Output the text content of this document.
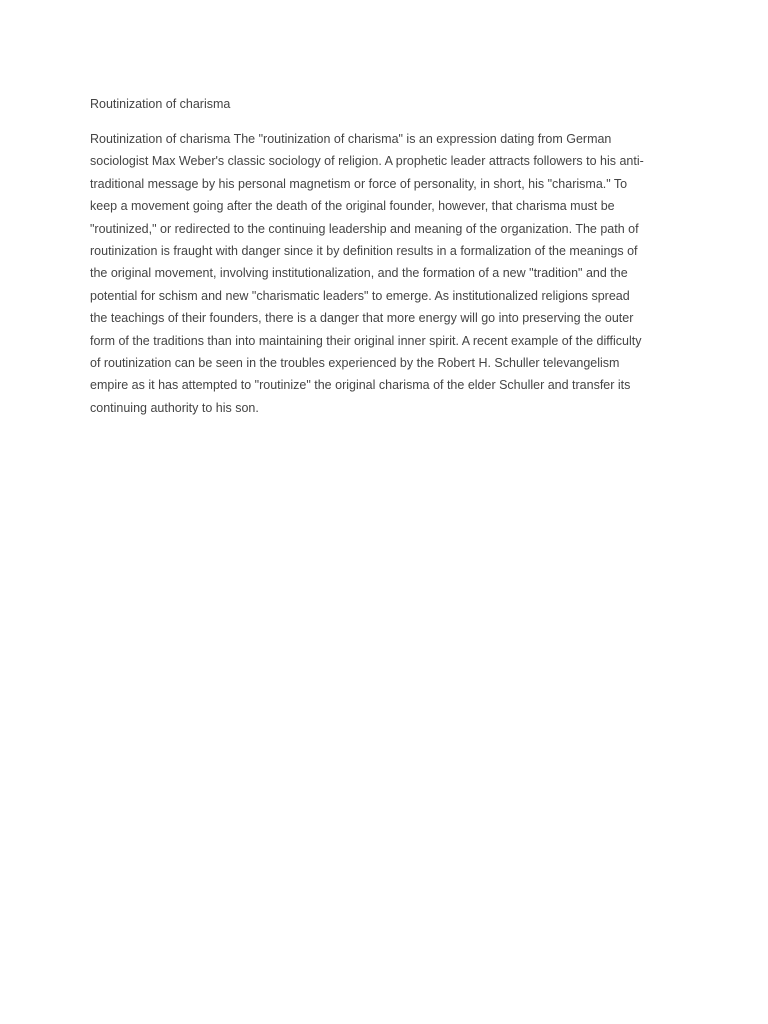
Routinization of charisma

Routinization of charisma The "routinization of charisma" is an expression dating from German
sociologist Max Weber's classic sociology of religion. A prophetic leader attracts followers to his anti-
traditional message by his personal magnetism or force of personality, in short, his "charisma." To
keep a movement going after the death of the original founder, however, that charisma must be
"routinized," or redirected to the continuing leadership and meaning of the organization. The path of
routinization is fraught with danger since it by definition results in a formalization of the meanings of
the original movement, involving institutionalization, and the formation of a new "tradition" and the
potential for schism and new "charismatic leaders" to emerge. As institutionalized religions spread
the teachings of their founders, there is a danger that more energy will go into preserving the outer
form of the traditions than into maintaining their original inner spirit. A recent example of the difficulty
of routinization can be seen in the troubles experienced by the Robert H. Schuller televangelism
empire as it has attempted to "routinize" the original charisma of the elder Schuller and transfer its
continuing authority to his son.
